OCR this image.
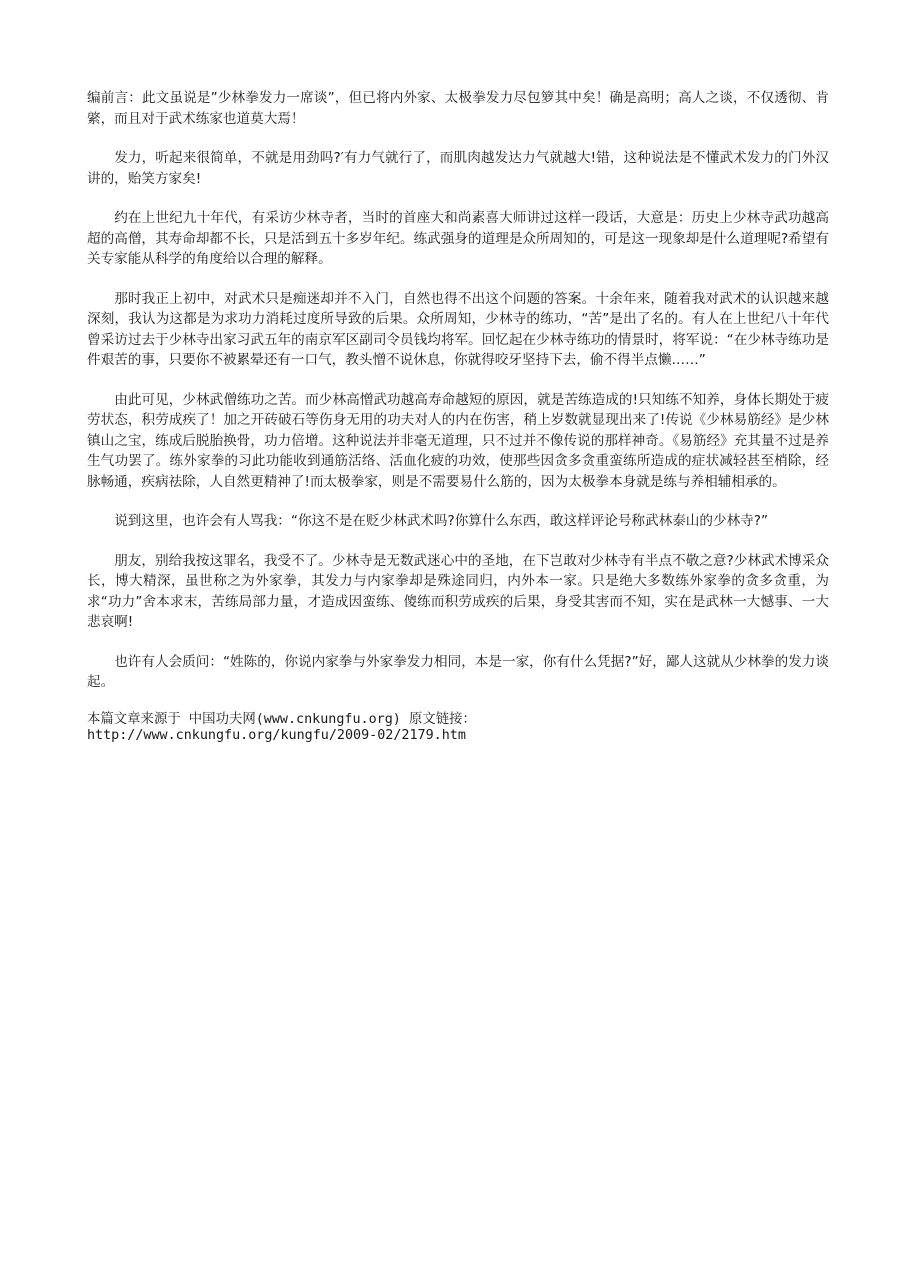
编前言：此文虽说是”少林拳发力一席谈”，但已将内外家、太极拳发力尽包箩其中矣！确是高明；高人之谈，不仅透彻、肯綮，而且对于武术练家也道莫大焉！

发力，听起来很简单，不就是用劲吗?′有力气就行了，而肌肉越发达力气就越大!错，这种说法是不懂武术发力的门外汉讲的，贻笑方家矣!

约在上世纪九十年代，有采访少林寺者，当时的首座大和尚素喜大师讲过这样一段话，大意是：历史上少林寺武功越高超的高僧，其寿命却都不长，只是活到五十多岁年纪。练武强身的道理是众所周知的，可是这一现象却是什么道理呢?希望有关专家能从科学的角度给以合理的解释。

那时我正上初中，对武术只是痴迷却并不入门，自然也得不出这个问题的答案。十余年来，随着我对武术的认识越来越深刻，我认为这都是为求功力消耗过度所导致的后果。众所周知，少林寺的练功，“苦”是出了名的。有人在上世纪八十年代曾采访过去于少林寺出家习武五年的南京军区副司令员钱均将军。回忆起在少林寺练功的情景时，将军说：“在少林寺练功是件艰苦的事，只要你不被累晕还有一口气，教头憎不说休息，你就得咬牙坚持下去，偷不得半点懒……”

由此可见，少林武僧练功之苦。而少林高憎武功越高寿命越短的原因，就是苦练造成的!只知练不知养，身体长期处于疲劳状态，积劳成疾了！加之开砖破石等伤身无用的功夫对人的内在伤害，稍上岁数就显现出来了!传说《少林易筋经》是少林镇山之宝，练成后脱胎换骨，功力倍增。这种说法并非毫无道理，只不过并不像传说的那样神奇。《易筋经》充其量不过是养生气功罢了。练外家拳的习此功能收到通筋活络、活血化疲的功效，使那些因贪多贪重蛮练所造成的症状减轻甚至梢除，经脉畅通，疾病祛除，人自然更精神了!而太极拳家，则是不需要易什么筋的，因为太极拳本身就是练与养相辅相承的。

说到这里，也许会有人骂我：“你这不是在贬少林武术吗?你算什么东西，敢这样评论号称武林泰山的少林寺?”

朋友，别给我按这罪名，我受不了。少林寺是无数武迷心中的圣地，在下岂敢对少林寺有半点不敬之意?少林武术博采众长，博大精深，虽世称之为外家拳，其发力与内家拳却是殊途同归，内外本一家。只是绝大多数练外家拳的贪多贪重，为求“功力”舍本求末，苦练局部力量，才造成因蛮练、傻练而积劳成疾的后果，身受其害而不知，实在是武林一大憾事、一大悲哀啊!

也许有人会质问：“姓陈的，你说内家拳与外家拳发力相同，本是一家，你有什么凭据?”好，鄙人这就从少林拳的发力谈起。

本篇文章来源于 中国功夫网(www.cnkungfu.org) 原文链接：
http://www.cnkungfu.org/kungfu/2009-02/2179.htm
